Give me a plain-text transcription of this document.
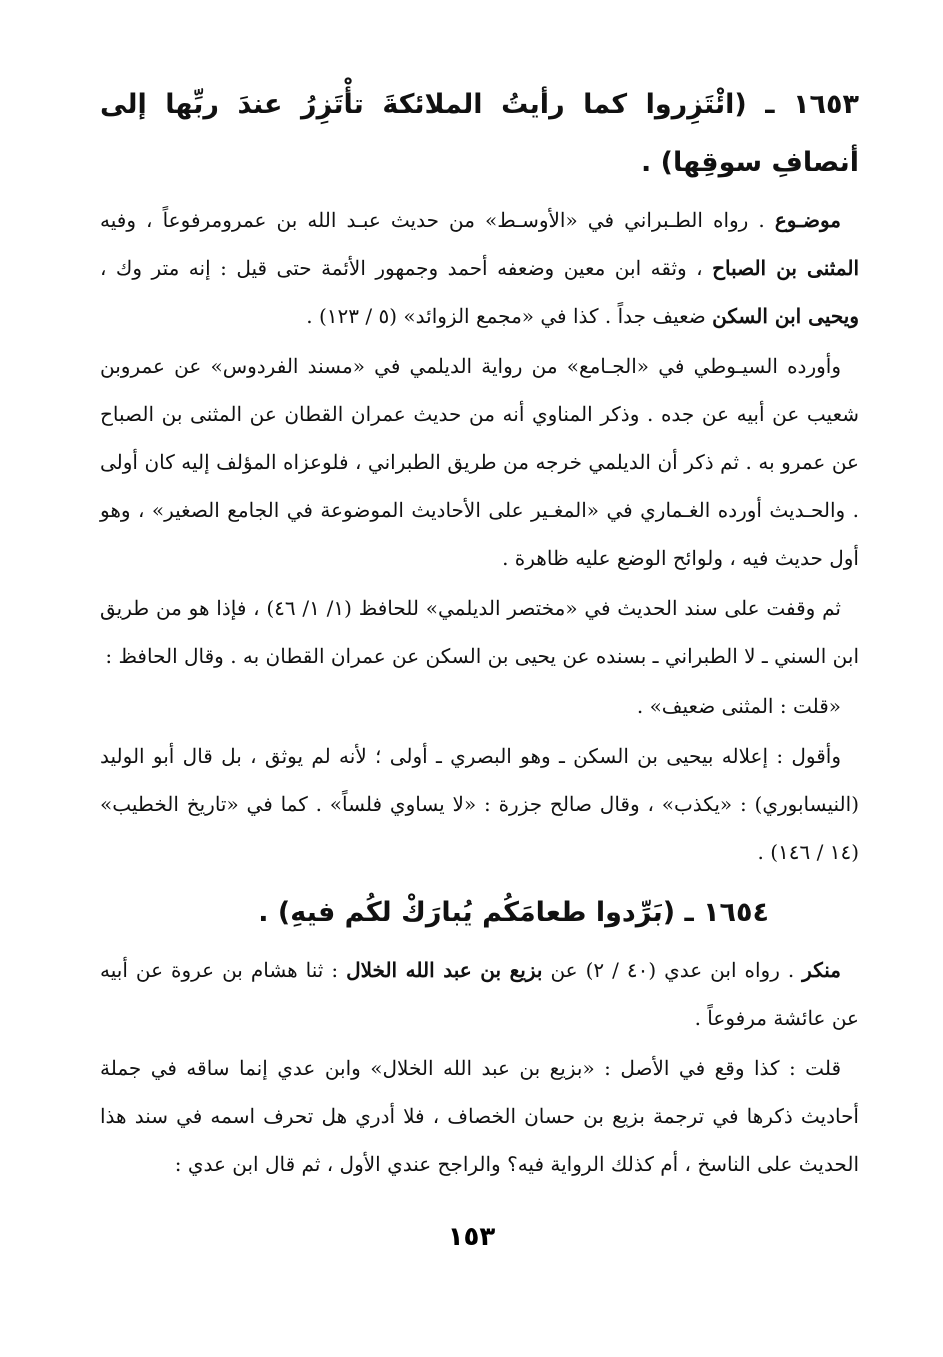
١٦٥٣ ـ (ائْتَزِروا كما رأيتُ الملائكةَ تأْتَزِرُ عندَ ربِّها إلى أنصافِ سوقِها) .

موضـوع . رواه الطـبراني في «الأوسـط» من حديث عبـد الله بن عمرومرفوعاً ، وفيه المثنى بن الصباح ، وثقه ابن معين وضعفه أحمد وجمهور الأئمة حتى قيل : إنه متر وك ، ويحيى ابن السكن ضعيف جداً . كذا في «مجمع الزوائد» (٥ / ١٢٣) .

وأورده السيـوطي في «الجـامع» من رواية الديلمي في «مسند الفردوس» عن عمروبن شعيب عن أبيه عن جده . وذكر المناوي أنه من حديث عمران القطان عن المثنى بن الصباح عن عمرو به . ثم ذكر أن الديلمي خرجه من طريق الطبراني ، فلوعزاه المؤلف إليه كان أولى . والحـديث أورده الغـماري في «المغـير على الأحاديث الموضوعة في الجامع الصغير» ، وهو أول حديث فيه ، ولوائح الوضع عليه ظاهرة .

ثم وقفت على سند الحديث في «مختصر الديلمي» للحافظ (١/ ١/ ٤٦) ، فإذا هو من طريق ابن السني ـ لا الطبراني ـ بسنده عن يحيى بن السكن عن عمران القطان به . وقال الحافظ :

«قلت : المثنى ضعيف» .

وأقول : إعلاله بيحيى بن السكن ـ وهو البصري ـ أولى ؛ لأنه لم يوثق ، بل قال أبو الوليد (النيسابوري) : «يكذب» ، وقال صالح جزرة : «لا يساوي فلساً» . كما في «تاريخ الخطيب» (١٤ / ١٤٦) .

١٦٥٤ ـ (بَرِّدوا طعامَكُم يُبارَكْ لكُم فيهِ) .

منكر . رواه ابن عدي (٤٠ / ٢) عن بزيع بن عبد الله الخلال : ثنا هشام بن عروة عن أبيه عن عائشة مرفوعاً .

قلت : كذا وقع في الأصل : «بزيع بن عبد الله الخلال» وابن عدي إنما ساقه في جملة أحاديث ذكرها في ترجمة بزيع بن حسان الخصاف ، فلا أدري هل تحرف اسمه في سند هذا الحديث على الناسخ ، أم كذلك الرواية فيه؟ والراجح عندي الأول ، ثم قال ابن عدي :

١٥٣
